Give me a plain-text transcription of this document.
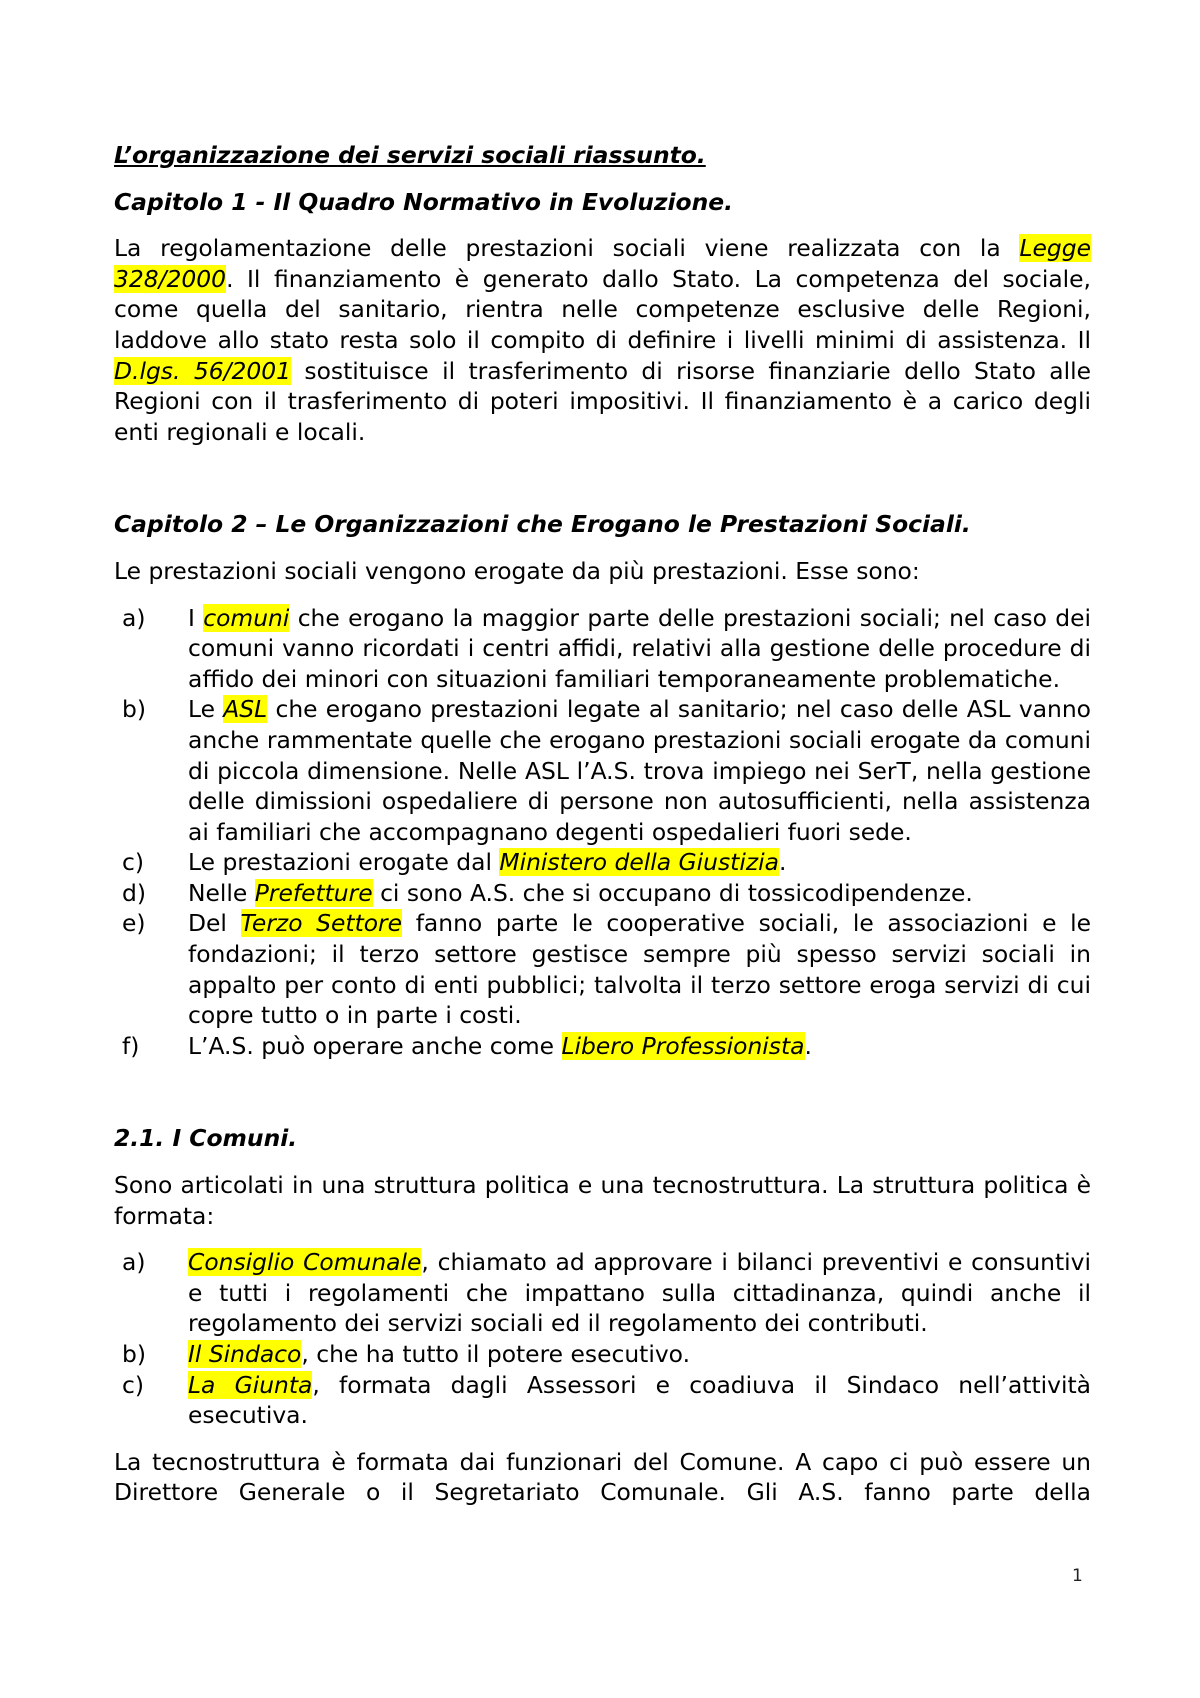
L’organizzazione dei servizi sociali riassunto.

Capitolo 1 - Il Quadro Normativo in Evoluzione.

La regolamentazione delle prestazioni sociali viene realizzata con la Legge 328/2000. Il finanziamento è generato dallo Stato. La competenza del sociale, come quella del sanitario, rientra nelle competenze esclusive delle Regioni, laddove allo stato resta solo il compito di definire i livelli minimi di assistenza. Il D.lgs. 56/2001 sostituisce il trasferimento di risorse finanziarie dello Stato alle Regioni con il trasferimento di poteri impositivi. Il finanziamento è a carico degli enti regionali e locali.

Capitolo 2 – Le Organizzazioni che Erogano le Prestazioni Sociali.

Le prestazioni sociali vengono erogate da più prestazioni. Esse sono:

a) I comuni che erogano la maggior parte delle prestazioni sociali; nel caso dei comuni vanno ricordati i centri affidi, relativi alla gestione delle procedure di affido dei minori con situazioni familiari temporaneamente problematiche.
b) Le ASL che erogano prestazioni legate al sanitario; nel caso delle ASL vanno anche rammentate quelle che erogano prestazioni sociali erogate da comuni di piccola dimensione. Nelle ASL l’A.S. trova impiego nei SerT, nella gestione delle dimissioni ospedaliere di persone non autosufficienti, nella assistenza ai familiari che accompagnano degenti ospedalieri fuori sede.
c) Le prestazioni erogate dal Ministero della Giustizia.
d) Nelle Prefetture ci sono A.S. che si occupano di tossicodipendenze.
e) Del Terzo Settore fanno parte le cooperative sociali, le associazioni e le fondazioni; il terzo settore gestisce sempre più spesso servizi sociali in appalto per conto di enti pubblici; talvolta il terzo settore eroga servizi di cui copre tutto o in parte i costi.
f) L’A.S. può operare anche come Libero Professionista.

2.1. I Comuni.

Sono articolati in una struttura politica e una tecnostruttura. La struttura politica è formata:

a) Consiglio Comunale, chiamato ad approvare i bilanci preventivi e consuntivi e tutti i regolamenti che impattano sulla cittadinanza, quindi anche il regolamento dei servizi sociali ed il regolamento dei contributi.
b) Il Sindaco, che ha tutto il potere esecutivo.
c) La Giunta, formata dagli Assessori e coadiuva il Sindaco nell’attività esecutiva.

La tecnostruttura è formata dai funzionari del Comune. A capo ci può essere un Direttore Generale o il Segretariato Comunale. Gli A.S. fanno parte della

1
